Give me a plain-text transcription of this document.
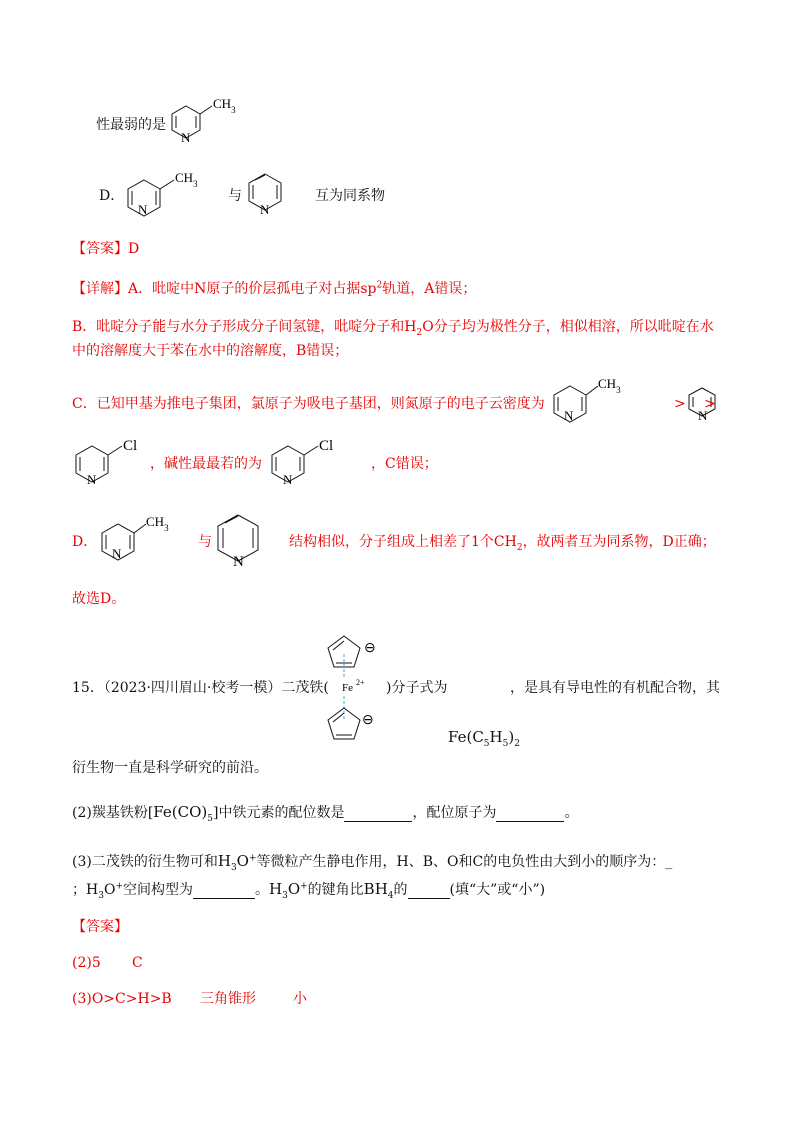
性最弱的是
N
$CH_3$
D．
N
$CH_3$
与
N
互为同系物
【答案】D
【详解】A．吡啶中N原子的价层孤电子对占据$sp^2$轨道，A错误；
B．吡啶分子能与水分子形成分子间氢键，吡啶分子和$H_2O$分子均为极性分子，相似相溶，所以吡啶在水
中的溶解度大于苯在水中的溶解度，B错误；
C．已知甲基为推电子集团，氯原子为吸电子基团，则氮原子的电子云密度为
N
$CH_3$
>
N
>
N
Cl
，碱性最最若的为
N
Cl
，C错误；
D．
N
$CH_3$
与
N
结构相似，分子组成上相差了1个$CH_2$，故两者互为同系物，D正确；
故选D。
⊖
Fe 2+
⊖
15．（2023·四川眉山·校考一模）二茂铁(	)分子式为	，是具有导电性的有机配合物，其
$Fe(C_5H_5)_2$
衍生物一直是科学研究的前沿。
(2)羰基铁粉$[Fe(CO)_5]$中铁元素的配位数是	，配位原子为	。
(3)二茂铁的衍生物可和$H_3O^+$等微粒产生静电作用，H、B、O和C的电负性由大到小的顺序为：_
；$H_3O^+$空间构型为	。$H_3O^+$的键角比$BH_4$的	(填“大”或“小”)
【答案】
(2)5 C
(3)O>C>H>B 三角锥形	小
